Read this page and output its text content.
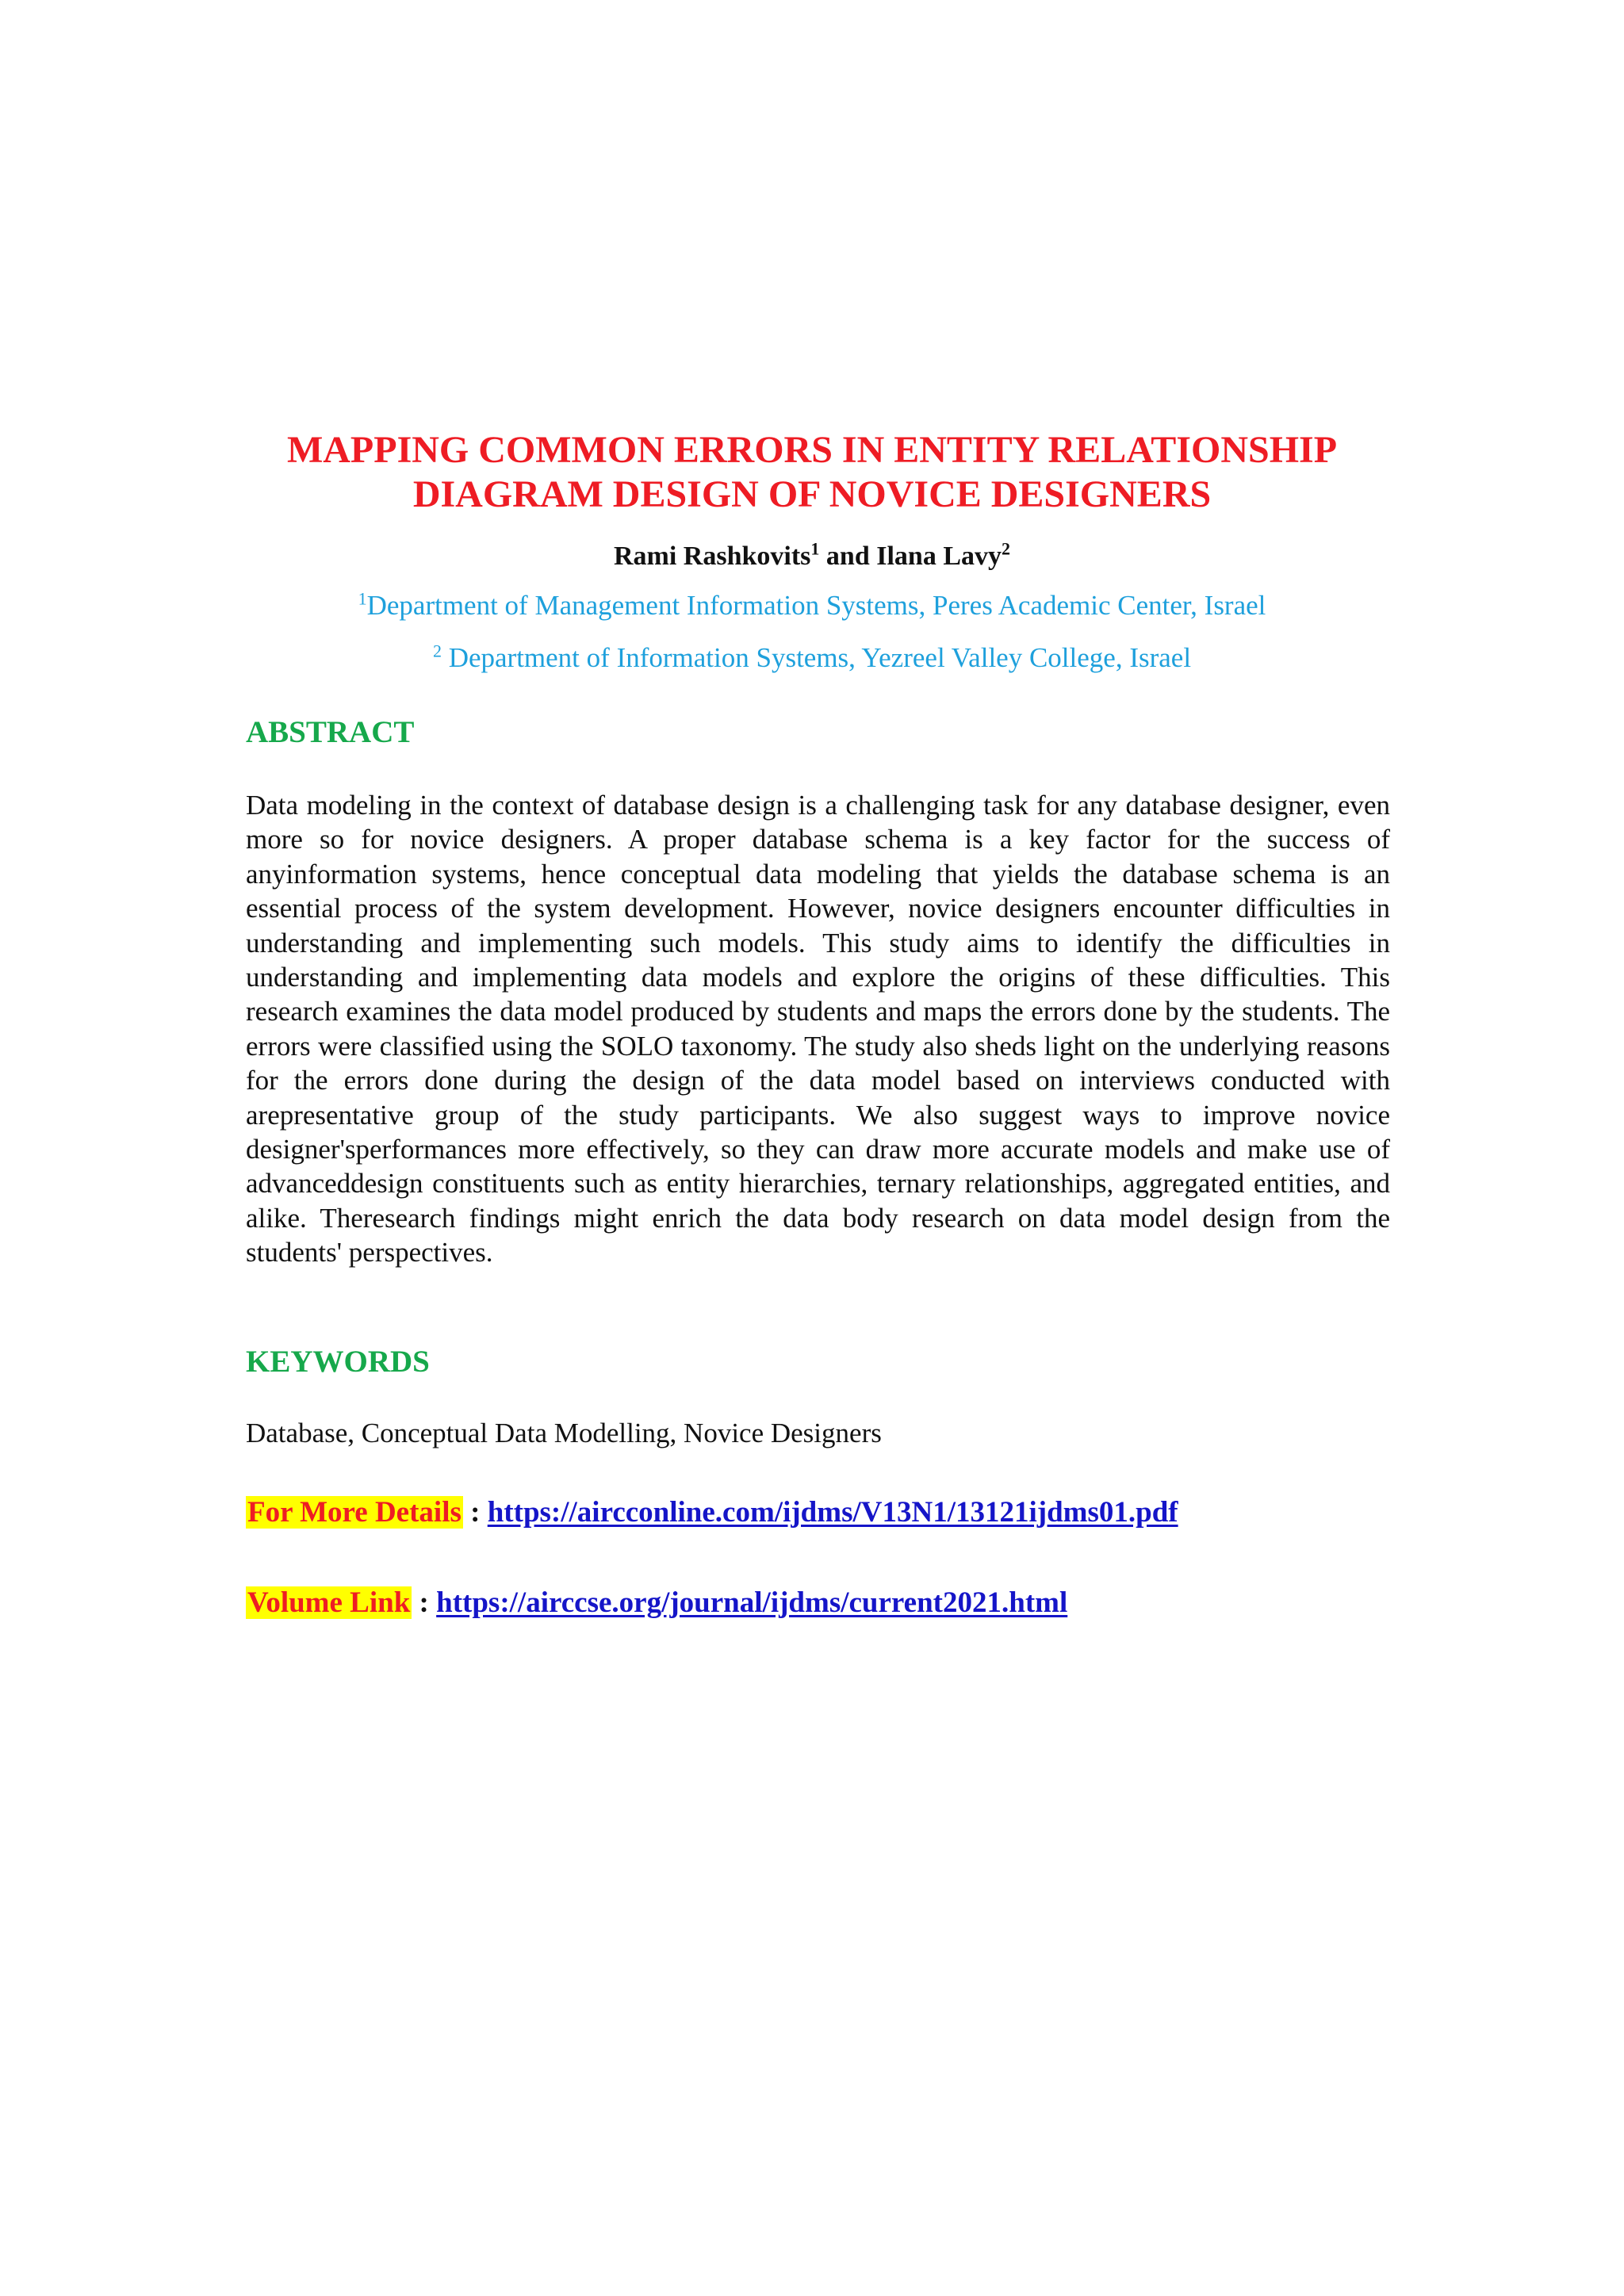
MAPPING COMMON ERRORS IN ENTITY RELATIONSHIP
DIAGRAM DESIGN OF NOVICE DESIGNERS
Rami Rashkovits$^1$ and Ilana Lavy$^2$
$^1$Department of Management Information Systems, Peres Academic Center, Israel
$^2$ Department of Information Systems, Yezreel Valley College, Israel
ABSTRACT

Data modeling in the context of database design is a challenging task for any database designer, even more so for novice designers. A proper database schema is a key factor for the success of anyinformation systems, hence conceptual data modeling that yields the database schema is an essential process of the system development. However, novice designers encounter difficulties in understanding and implementing such models. This study aims to identify the difficulties in understanding and implementing data models and explore the origins of these difficulties. This research examines the data model produced by students and maps the errors done by the students. The errors were classified using the SOLO taxonomy. The study also sheds light on the underlying reasons for the errors done during the design of the data model based on interviews conducted with arepresentative group of the study participants. We also suggest ways to improve novice designer'sperformances more effectively, so they can draw more accurate models and make use of advanceddesign constituents such as entity hierarchies, ternary relationships, aggregated entities, and alike. Theresearch findings might enrich the data body research on data model design from the students' perspectives.

KEYWORDS
Database, Conceptual Data Modelling, Novice Designers
For More Details : https://aircconline.com/ijdms/V13N1/13121ijdms01.pdf
Volume Link : https://airccse.org/journal/ijdms/current2021.html
